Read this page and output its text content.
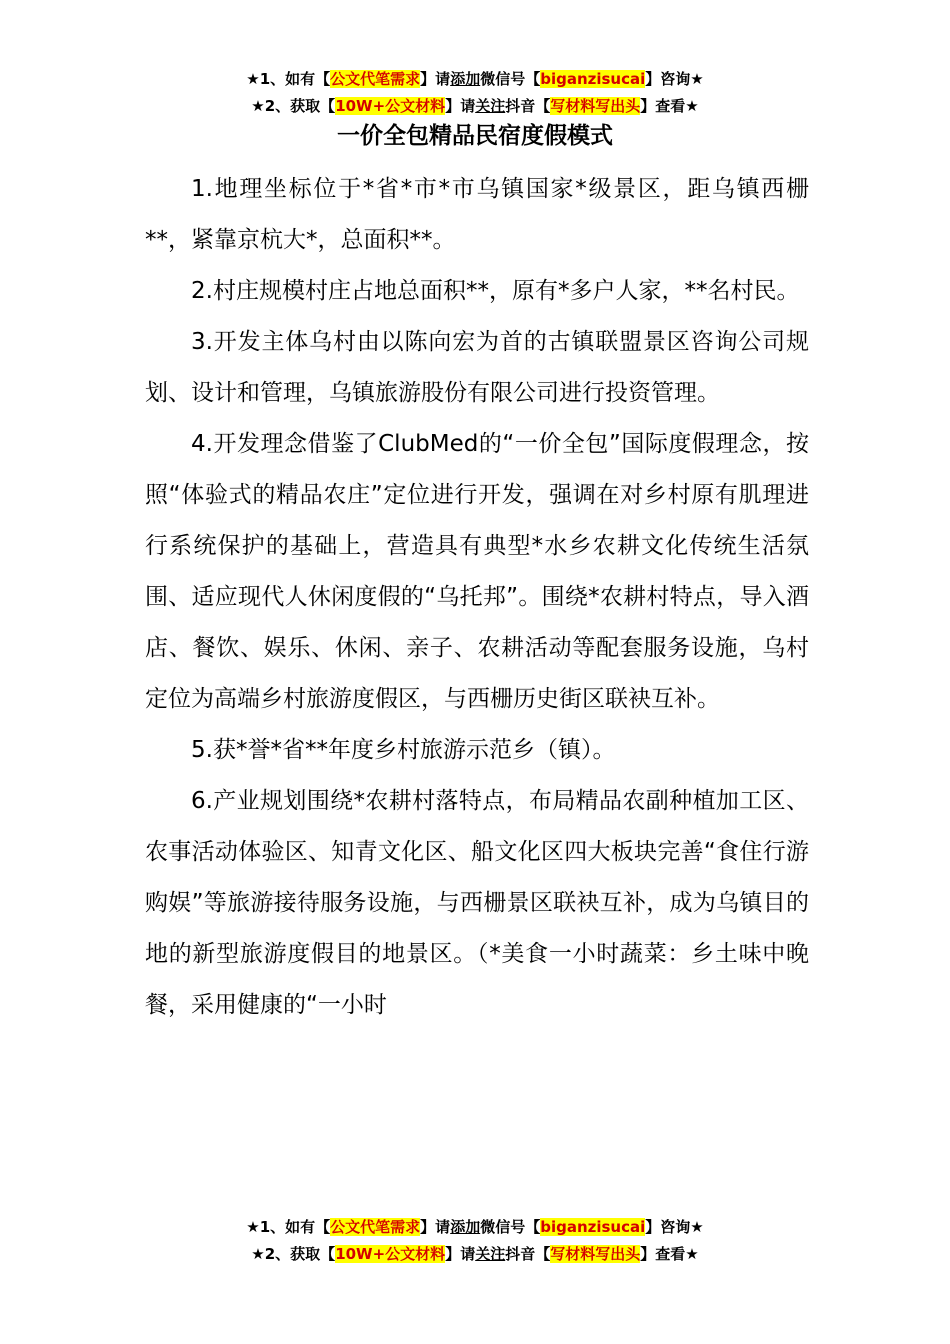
★1、如有【公文代笔需求】请添加微信号【biganzisucai】咨询★
★2、获取【10W+公文材料】请关注抖音【写材料写出头】查看★
一价全包精品民宿度假模式

1.地理坐标位于*省*市*市乌镇国家*级景区，距乌镇西栅**，紧靠京杭大*，总面积**。

2.村庄规模村庄占地总面积**，原有*多户人家，**名村民。

3.开发主体乌村由以陈向宏为首的古镇联盟景区咨询公司规划、设计和管理，乌镇旅游股份有限公司进行投资管理。

4.开发理念借鉴了ClubMed的“一价全包”国际度假理念，按照“体验式的精品农庄”定位进行开发，强调在对乡村原有肌理进行系统保护的基础上，营造具有典型*水乡农耕文化传统生活氛围、适应现代人休闲度假的“乌托邦”。围绕*农耕村特点，导入酒店、餐饮、娱乐、休闲、亲子、农耕活动等配套服务设施，乌村定位为高端乡村旅游度假区，与西栅历史街区联袂互补。

5.获*誉*省**年度乡村旅游示范乡（镇）。

6.产业规划围绕*农耕村落特点，布局精品农副种植加工区、农事活动体验区、知青文化区、船文化区四大板块完善“食住行游购娱”等旅游接待服务设施，与西栅景区联袂互补，成为乌镇目的地的新型旅游度假目的地景区。（*美食一小时蔬菜：乡土味中晚餐，采用健康的“一小时

★1、如有【公文代笔需求】请添加微信号【biganzisucai】咨询★
★2、获取【10W+公文材料】请关注抖音【写材料写出头】查看★
